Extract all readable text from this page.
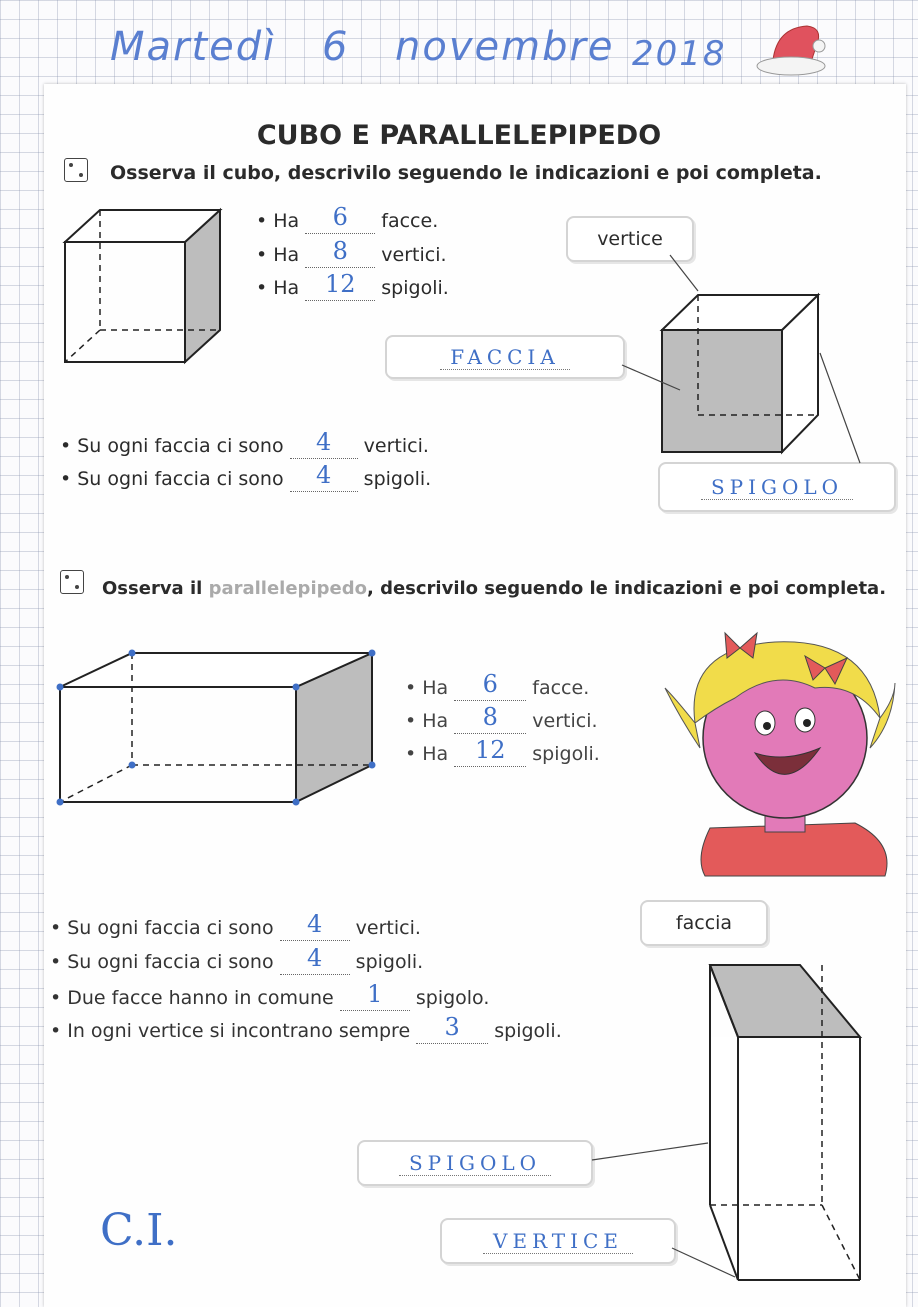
Martedì 6 novembre 2018
CUBO E PARALLELEPIPEDO
Osserva il cubo, descrivilo seguendo le indicazioni e poi completa.
• Ha 6 facce.
• Ha 8 vertici.
• Ha 12 spigoli.
vertice
FACCIA
SPIGOLO
• Su ogni faccia ci sono 4 vertici.
• Su ogni faccia ci sono 4 spigoli.
Osserva il parallelepipedo, descrivilo seguendo le indicazioni e poi completa.
• Ha 6 facce.
• Ha 8 vertici.
• Ha 12 spigoli.
• Su ogni faccia ci sono 4 vertici.
• Su ogni faccia ci sono 4 spigoli.
• Due facce hanno in comune 1 spigolo.
• In ogni vertice si incontrano sempre 3 spigoli.
faccia
SPIGOLO
VERTICE
C.I.
